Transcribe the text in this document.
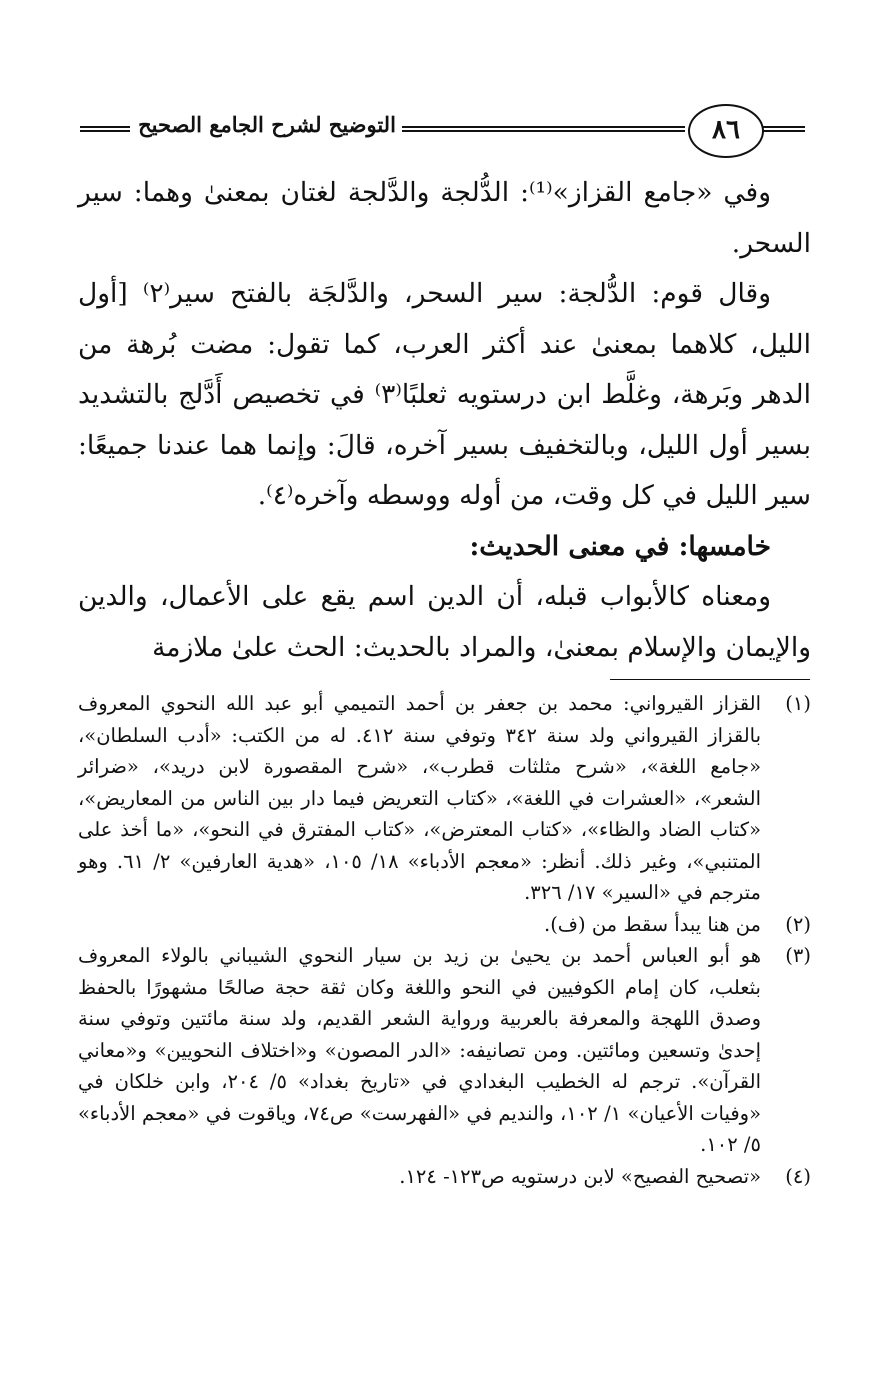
التوضيح لشرح الجامع الصحيح	٨٦

وفي «جامع القزاز»⁽¹⁾: الدُّلجة والدَّلجة لغتان بمعنىٰ وهما: سير السحر.

وقال قوم: الدُّلجة: سير السحر، والدَّلجَة بالفتح سير⁽٢⁾ [أول الليل، كلاهما بمعنىٰ عند أكثر العرب، كما تقول: مضت بُرهة من الدهر وبَرهة، وغلَّط ابن درستويه ثعلبًا⁽٣⁾ في تخصيص أَدَّلج بالتشديد بسير أول الليل، وبالتخفيف بسير آخره، قالَ: وإنما هما عندنا جميعًا: سير الليل في كل وقت، من أوله ووسطه وآخره⁽٤⁾.

خامسها: في معنى الحديث:

ومعناه كالأبواب قبله، أن الدين اسم يقع على الأعمال، والدين والإيمان والإسلام بمعنىٰ، والمراد بالحديث: الحث علىٰ ملازمة

(١)
القزاز القيرواني: محمد بن جعفر بن أحمد التميمي أبو عبد الله النحوي المعروف بالقزاز القيرواني ولد سنة ٣٤٢ وتوفي سنة ٤١٢. له من الكتب: «أدب السلطان»، «جامع اللغة»، «شرح مثلثات قطرب»، «شرح المقصورة لابن دريد»، «ضرائر الشعر»، «العشرات في اللغة»، «كتاب التعريض فيما دار بين الناس من المعاريض»، «كتاب الضاد والظاء»، «كتاب المعترض»، «كتاب المفترق في النحو»، «ما أخذ على المتنبي»، وغير ذلك. أنظر: «معجم الأدباء» ١٨/ ١٠٥، «هدية العارفين» ٢/ ٦١. وهو مترجم في «السير» ١٧/ ٣٢٦.
(٢)
من هنا يبدأ سقط من (ف).
(٣)
هو أبو العباس أحمد بن يحيىٰ بن زيد بن سيار النحوي الشيباني بالولاء المعروف بثعلب، كان إمام الكوفيين في النحو واللغة وكان ثقة حجة صالحًا مشهورًا بالحفظ وصدق اللهجة والمعرفة بالعربية ورواية الشعر القديم، ولد سنة مائتين وتوفي سنة إحدىٰ وتسعين ومائتين. ومن تصانيفه: «الدر المصون» و«اختلاف النحويين» و«معاني القرآن». ترجم له الخطيب البغدادي في «تاريخ بغداد» ٥/ ٢٠٤، وابن خلكان في «وفيات الأعيان» ١/ ١٠٢، والنديم في «الفهرست» ص٧٤، وياقوت في «معجم الأدباء» ٥/ ١٠٢.
(٤)
«تصحيح الفصيح» لابن درستويه ص١٢٣- ١٢٤.
